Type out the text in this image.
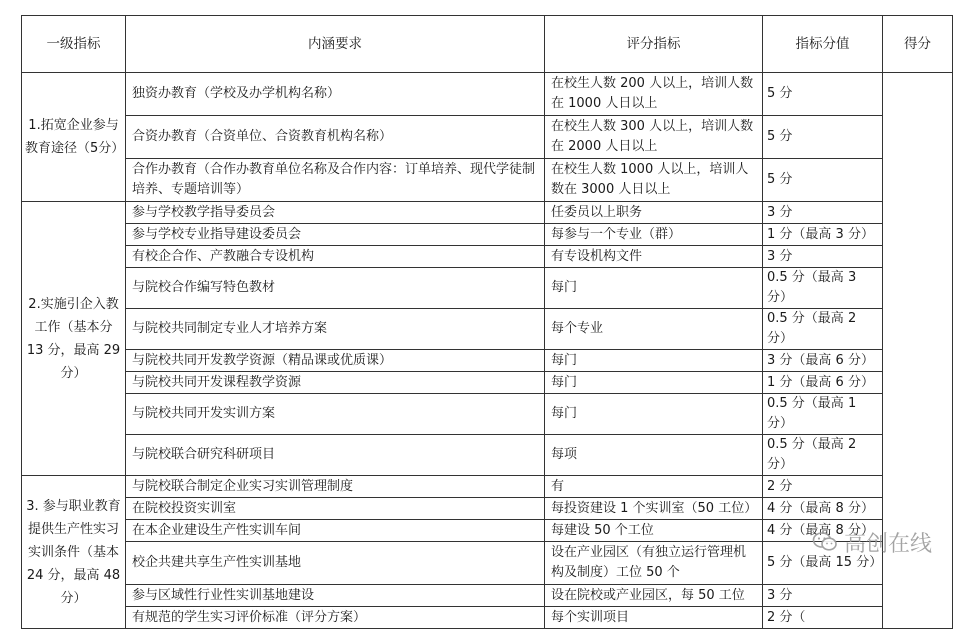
一级指标	内涵要求	评分指标	指标分值	得分
1.拓宽企业参与教育途径（5分）	独资办教育（学校及办学机构名称）	在校生人数 200 人以上，培训人数在 1000 人日以上	5 分	
	合资办教育（合资单位、合资教育机构名称）	在校生人数 300 人以上，培训人数在 2000 人日以上	5 分	
	合作办教育（合作办教育单位名称及合作内容：订单培养、现代学徒制培养、专题培训等）	在校生人数 1000 人以上，培训人数在 3000 人日以上	5 分	
2.实施引企入教工作（基本分 13 分，最高 29 分）	参与学校教学指导委员会	任委员以上职务	3 分	
	参与学校专业指导建设委员会	每参与一个专业（群）	1 分（最高 3 分）	
	有校企合作、产教融合专设机构	有专设机构文件	3 分	
	与院校合作编写特色教材	每门	0.5 分（最高 3 分）	
	与院校共同制定专业人才培养方案	每个专业	0.5 分（最高 2 分）	
	与院校共同开发教学资源（精品课或优质课）	每门	3 分（最高 6 分）	
	与院校共同开发课程教学资源	每门	1 分（最高 6 分）	
	与院校共同开发实训方案	每门	0.5 分（最高 1 分）	
	与院校联合研究科研项目	每项	0.5 分（最高 2 分）	
3. 参与职业教育 提供生产性实习实训条件（基本 24 分，最高 48 分）	与院校联合制定企业实习实训管理制度	有	2 分	
	在院校投资实训室	每投资建设 1 个实训室（50 工位）	4 分（最高 8 分）	
	在本企业建设生产性实训车间	每建设 50 个工位	4 分（最高 8 分）	
	校企共建共享生产性实训基地	设在产业园区（有独立运行管理机构及制度）工位 50 个	5 分（最高 15 分）	
	参与区域性行业性实训基地建设	设在院校或产业园区，每 50 工位	3 分	
	有规范的学生实习评价标准（评分方案）	每个实训项目	2 分（	
高创在线
